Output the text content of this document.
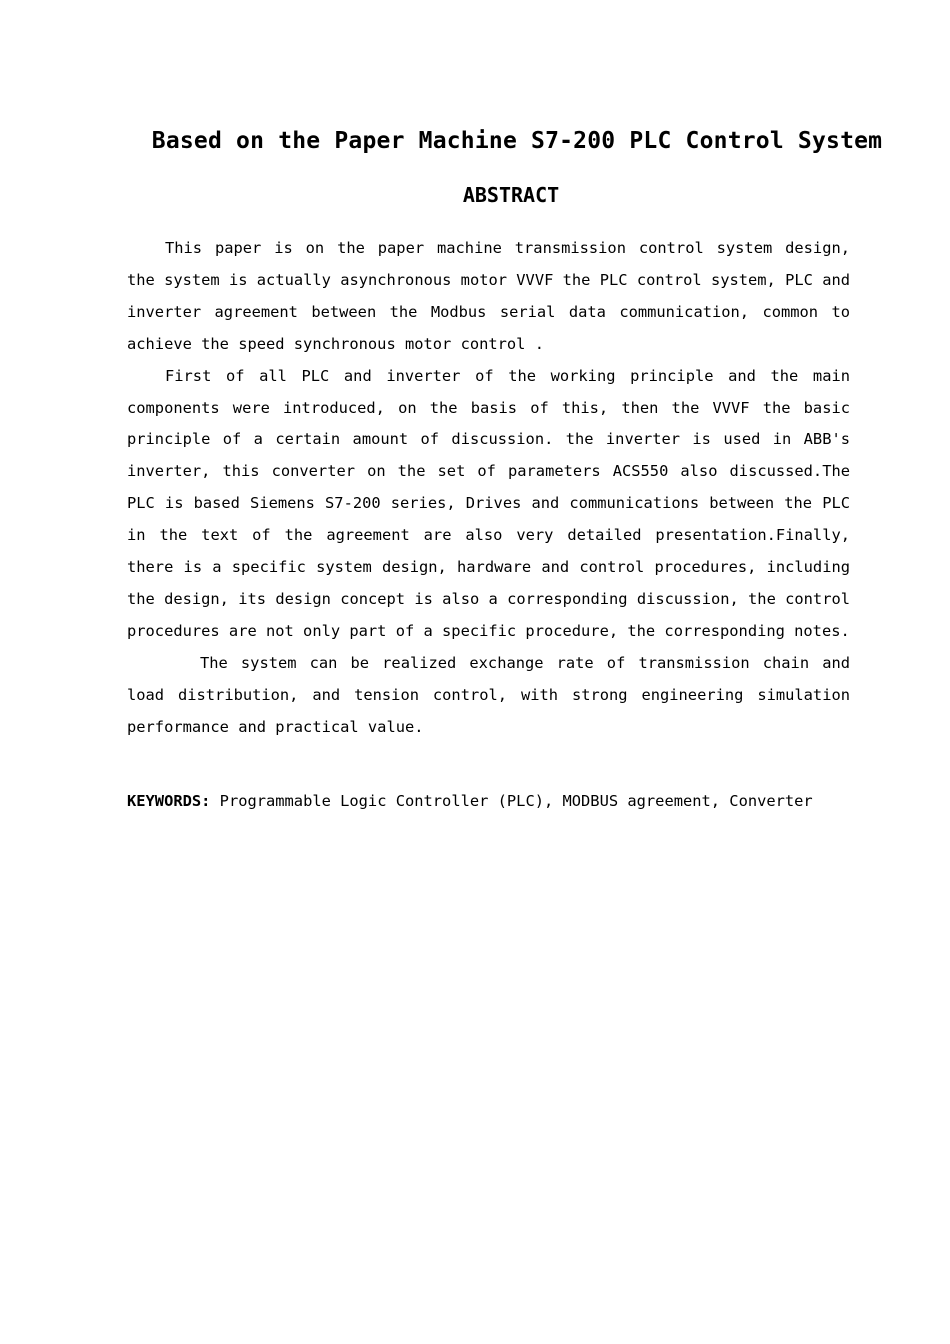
Based on the Paper Machine S7-200 PLC Control System
ABSTRACT

This paper is on the paper machine transmission control system design, the system is actually asynchronous motor VVVF the PLC control system, PLC and inverter agreement between the Modbus serial data communication, common to achieve the speed synchronous motor control .

First of all PLC and inverter of the working principle and the main components were introduced, on the basis of this, then the VVVF the basic principle of a certain amount of discussion. the inverter is used in ABB's inverter, this converter on the set of parameters ACS550 also discussed.The PLC is based Siemens S7-200 series, Drives and communications between the PLC in the text of the agreement are also very detailed presentation.Finally, there is a specific system design, hardware and control procedures, including the design, its design concept is also a corresponding discussion, the control procedures are not only part of a specific procedure, the corresponding notes.

The system can be realized exchange rate of transmission chain and load distribution, and tension control, with strong engineering simulation performance and practical value.

KEYWORDS: Programmable Logic Controller (PLC), MODBUS agreement, Converter
